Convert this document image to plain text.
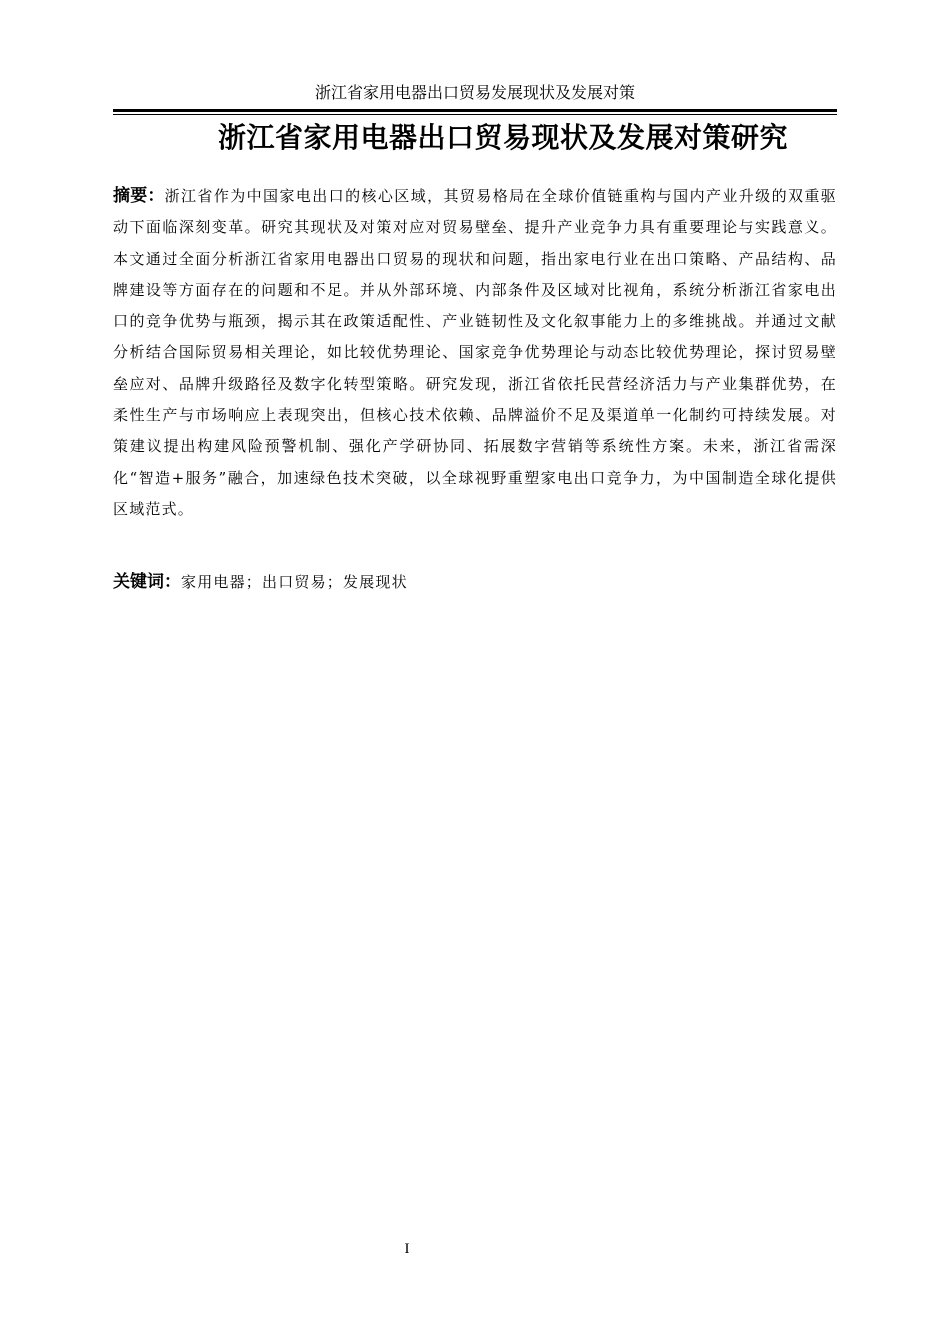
浙江省家用电器出口贸易发展现状及发展对策
浙江省家用电器出口贸易现状及发展对策研究

摘要：浙江省作为中国家电出口的核心区域，其贸易格局在全球价值链重构与国内产业升级的双重驱动下面临深刻变革。研究其现状及对策对应对贸易壁垒、提升产业竞争力具有重要理论与实践意义。本文通过全面分析浙江省家用电器出口贸易的现状和问题，指出家电行业在出口策略、产品结构、品牌建设等方面存在的问题和不足。并从外部环境、内部条件及区域对比视角，系统分析浙江省家电出口的竞争优势与瓶颈，揭示其在政策适配性、产业链韧性及文化叙事能力上的多维挑战。并通过文献分析结合国际贸易相关理论，如比较优势理论、国家竞争优势理论与动态比较优势理论，探讨贸易壁垒应对、品牌升级路径及数字化转型策略。研究发现，浙江省依托民营经济活力与产业集群优势，在柔性生产与市场响应上表现突出，但核心技术依赖、品牌溢价不足及渠道单一化制约可持续发展。对策建议提出构建风险预警机制、强化产学研协同、拓展数字营销等系统性方案。未来，浙江省需深化“智造+服务”融合，加速绿色技术突破，以全球视野重塑家电出口竞争力，为中国制造全球化提供区域范式。

关键词：家用电器；出口贸易；发展现状

I
